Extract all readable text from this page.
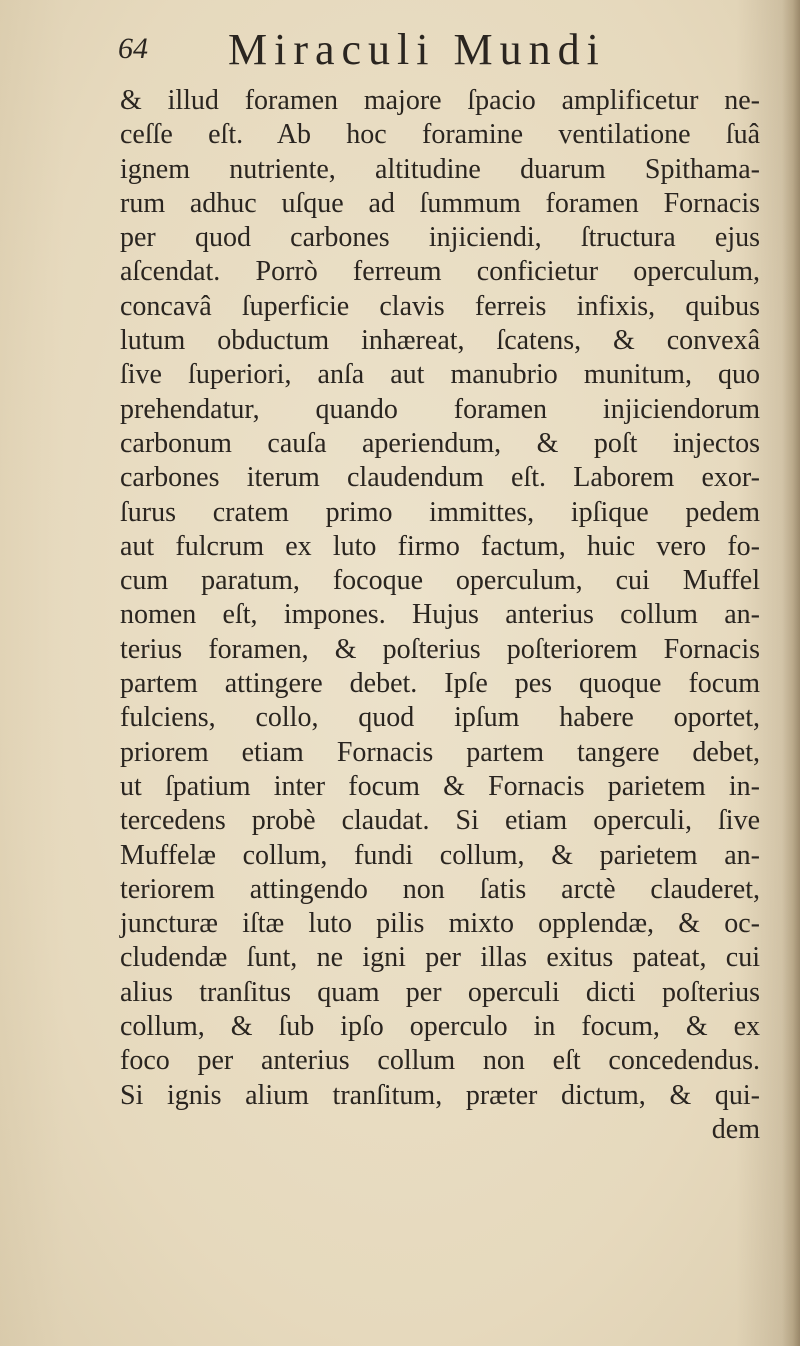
64 Miraculi Mundi
& illud foramen majore ſpacio amplificetur ne-
ceſſe eſt. Ab hoc foramine ventilatione ſuâ
ignem nutriente, altitudine duarum Spithama-
rum adhuc uſque ad ſummum foramen Fornacis
per quod carbones injiciendi, ſtructura ejus
aſcendat. Porrò ferreum conficietur operculum,
concavâ ſuperficie clavis ferreis infixis, quibus
lutum obductum inhæreat, ſcatens, & convexâ
ſive ſuperiori, anſa aut manubrio munitum, quo
prehendatur, quando foramen injiciendorum
carbonum cauſa aperiendum, & poſt injectos
carbones iterum claudendum eſt. Laborem exor-
ſurus cratem primo immittes, ipſique pedem
aut fulcrum ex luto firmo factum, huic vero fo-
cum paratum, focoque operculum, cui Muffel
nomen eſt, impones. Hujus anterius collum an-
terius foramen, & poſterius poſteriorem Fornacis
partem attingere debet. Ipſe pes quoque focum
fulciens, collo, quod ipſum habere oportet,
priorem etiam Fornacis partem tangere debet,
ut ſpatium inter focum & Fornacis parietem in-
tercedens probè claudat. Si etiam operculi, ſive
Muffelæ collum, fundi collum, & parietem an-
teriorem attingendo non ſatis arctè clauderet,
juncturæ iſtæ luto pilis mixto opplendæ, & oc-
cludendæ ſunt, ne igni per illas exitus pateat, cui
alius tranſitus quam per operculi dicti poſterius
collum, & ſub ipſo operculo in focum, & ex
foco per anterius collum non eſt concedendus.
Si ignis alium tranſitum, præter dictum, & qui-
dem
